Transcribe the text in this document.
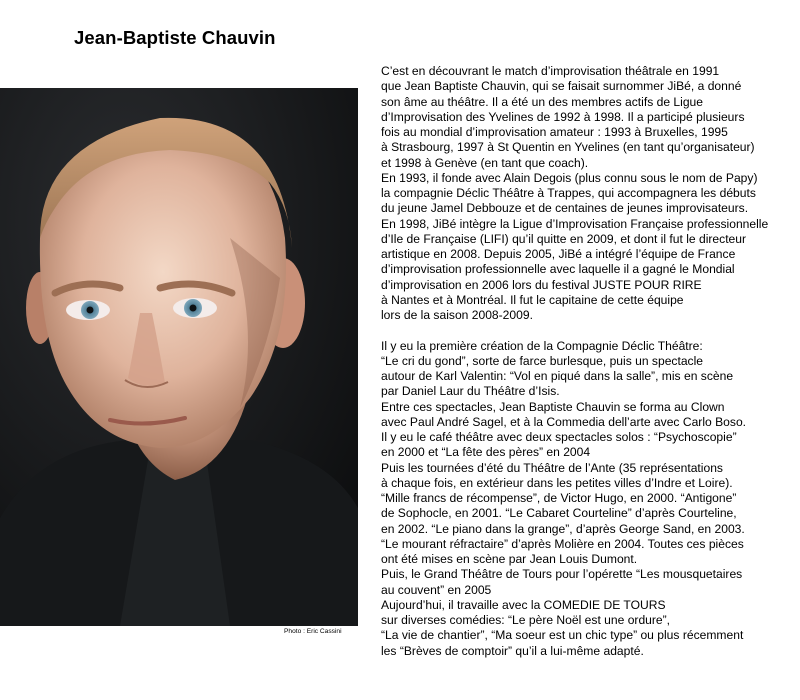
Jean-Baptiste Chauvin
Photo : Eric Cassini
C’est en découvrant le match d’improvisation théâtrale en 1991
que Jean Baptiste Chauvin, qui se faisait surnommer JiBé, a donné
son âme au théâtre. Il a été un des membres actifs de Ligue
d’Improvisation des Yvelines de 1992 à 1998. Il a participé plusieurs
fois au mondial d’improvisation amateur : 1993 à Bruxelles, 1995
à Strasbourg, 1997 à St Quentin en Yvelines (en tant qu’organisateur)
et 1998 à Genève (en tant que coach).
En 1993, il fonde avec Alain Degois (plus connu sous le nom de Papy)
la compagnie Déclic Théâtre à Trappes, qui accompagnera les débuts
du jeune Jamel Debbouze et de centaines de jeunes improvisateurs.
En 1998, JiBé intègre la Ligue d’Improvisation Française professionnelle
d’Ile de Française (LIFI) qu’il quitte en 2009, et dont il fut le directeur
artistique en 2008. Depuis 2005, JiBé a intégré l’équipe de France
d’improvisation professionnelle avec laquelle il a gagné le Mondial
d’improvisation en 2006 lors du festival JUSTE POUR RIRE
à Nantes et à Montréal. Il fut le capitaine de cette équipe
lors de la saison 2008-2009.
Il y eu la première création de la Compagnie Déclic Théâtre:
“Le cri du gond”, sorte de farce burlesque, puis un spectacle
autour de Karl Valentin: “Vol en piqué dans la salle”, mis en scène
par Daniel Laur du Théâtre d’Isis.
Entre ces spectacles, Jean Baptiste Chauvin se forma au Clown
avec Paul André Sagel, et à la Commedia dell’arte avec Carlo Boso.
Il y eu le café théâtre avec deux spectacles solos : “Psychoscopie”
en 2000 et “La fête des pères” en 2004
Puis les tournées d’été du Théâtre de l’Ante (35 représentations
à chaque fois, en extérieur dans les petites villes d’Indre et Loire).
“Mille francs de récompense”, de Victor Hugo, en 2000. “Antigone”
de Sophocle, en 2001. “Le Cabaret Courteline” d’après Courteline,
en 2002. “Le piano dans la grange”, d’après George Sand, en 2003.
“Le mourant réfractaire” d’après Molière en 2004. Toutes ces pièces
ont été mises en scène par Jean Louis Dumont.
Puis, le Grand Théâtre de Tours pour l’opérette “Les mousquetaires
au couvent” en 2005
Aujourd’hui, il travaille avec la COMEDIE DE TOURS
sur diverses comédies: “Le père Noël est une ordure”,
“La vie de chantier”, “Ma soeur est un chic type” ou plus récemment
les “Brèves de comptoir” qu’il a lui-même adapté.
